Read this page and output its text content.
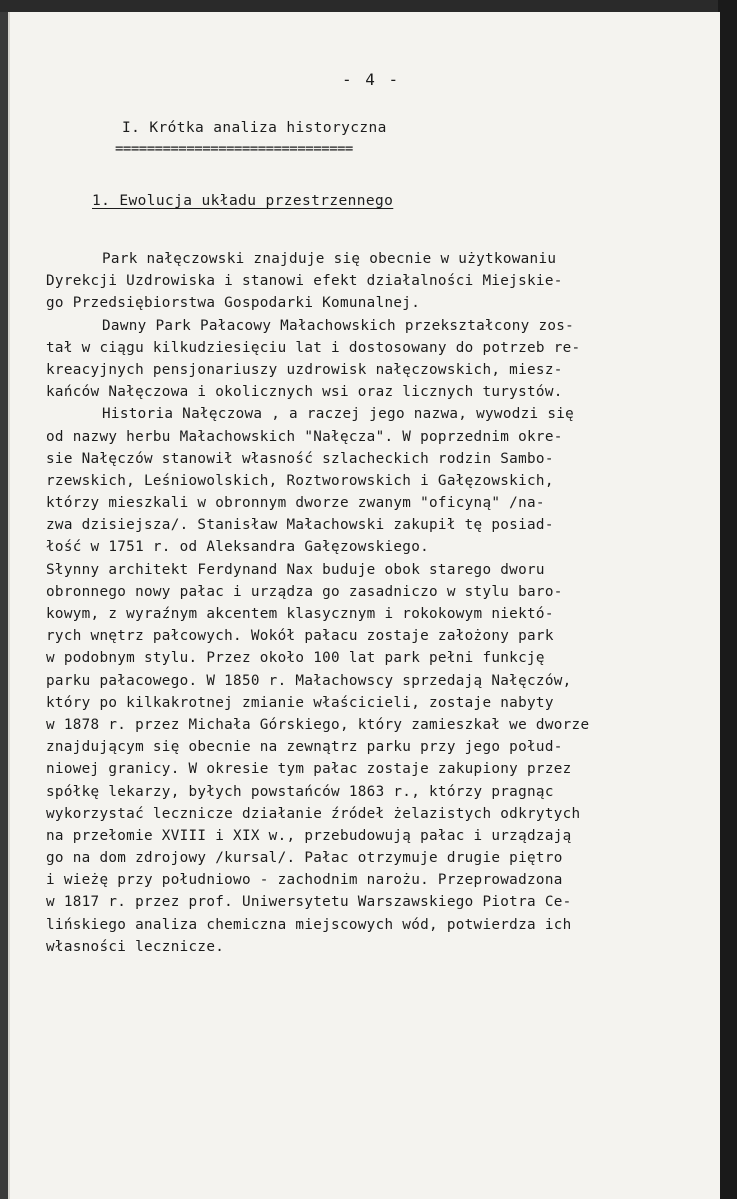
- 4 -
I. Krótka analiza historyczna
==============================
1. Ewolucja układu przestrzennego
Park nałęczowski znajduje się obecnie w użytkowaniu
Dyrekcji Uzdrowiska i stanowi efekt działalności Miejskie-
go Przedsiębiorstwa Gospodarki Komunalnej.
Dawny Park Pałacowy Małachowskich przekształcony zos-
tał w ciągu kilkudziesięciu lat i dostosowany do potrzeb re-
kreacyjnych pensjonariuszy uzdrowisk nałęczowskich, miesz-
kańców Nałęczowa i okolicznych wsi oraz licznych turystów.
Historia Nałęczowa , a raczej jego nazwa, wywodzi się
od nazwy herbu Małachowskich "Nałęcza". W poprzednim okre-
sie Nałęczów stanowił własność szlacheckich rodzin Sambo-
rzewskich, Leśniowolskich, Roztworowskich i Gałęzowskich,
którzy mieszkali w obronnym dworze zwanym "oficyną" /na-
zwa dzisiejsza/. Stanisław Małachowski zakupił tę posiad-
łość w 1751 r. od Aleksandra Gałęzowskiego.
Słynny architekt Ferdynand Nax buduje obok starego dworu
obronnego nowy pałac i urządza go zasadniczo w stylu baro-
kowym, z wyraźnym akcentem klasycznym i rokokowym niektó-
rych wnętrz pałcowych. Wokół pałacu zostaje założony park
w podobnym stylu. Przez około 100 lat park pełni funkcję
parku pałacowego. W 1850 r. Małachowscy sprzedają Nałęczów,
który po kilkakrotnej zmianie właścicieli, zostaje nabyty
w 1878 r. przez Michała Górskiego, który zamieszkał we dworze
znajdującym się obecnie na zewnątrz parku przy jego połud-
niowej granicy. W okresie tym pałac zostaje zakupiony przez
spółkę lekarzy, byłych powstańców 1863 r., którzy pragnąc
wykorzystać lecznicze działanie źródeł żelazistych odkrytych
na przełomie XVIII i XIX w., przebudowują pałac i urządzają
go na dom zdrojowy /kursal/. Pałac otrzymuje drugie piętro
i wieżę przy południowo - zachodnim narożu. Przeprowadzona
w 1817 r. przez prof. Uniwersytetu Warszawskiego Piotra Ce-
lińskiego analiza chemiczna miejscowych wód, potwierdza ich
własności lecznicze.
